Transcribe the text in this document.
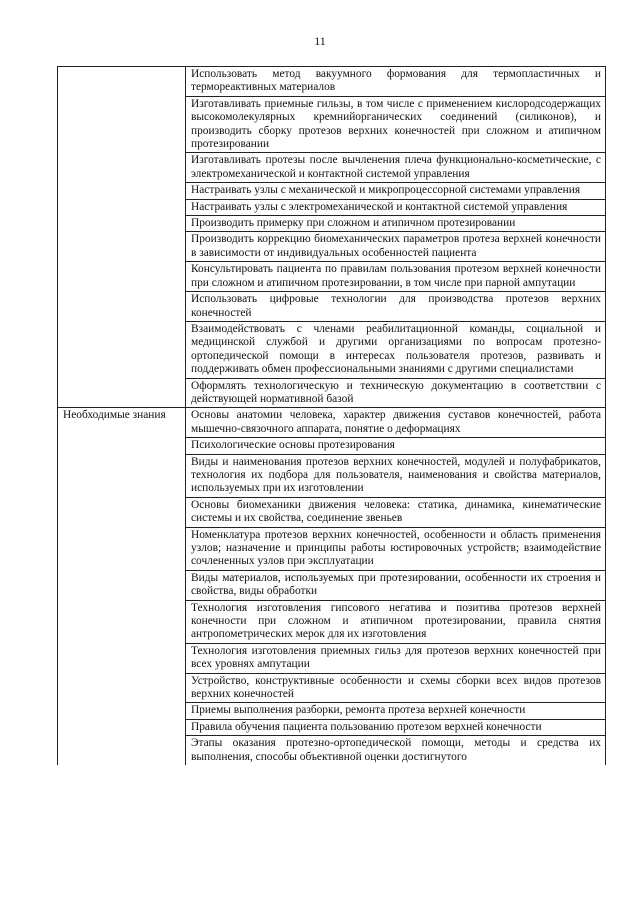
11
	Использовать метод вакуумного формования для термопластичных и термореактивных материалов
	Изготавливать приемные гильзы, в том числе с применением кислородсодержащих высокомолекулярных кремнийорганических соединений (силиконов), и производить сборку протезов верхних конечностей при сложном и атипичном протезировании
	Изготавливать протезы после вычленения плеча функционально-косметические, с электромеханической и контактной системой управления
	Настраивать узлы с механической и микропроцессорной системами управления
	Настраивать узлы с электромеханической и контактной системой управления
	Производить примерку при сложном и атипичном протезировании
	Производить коррекцию биомеханических параметров протеза верхней конечности в зависимости от индивидуальных особенностей пациента
	Консультировать пациента по правилам пользования протезом верхней конечности при сложном и атипичном протезировании, в том числе при парной ампутации
	Использовать цифровые технологии для производства протезов верхних конечностей
	Взаимодействовать с членами реабилитационной команды, социальной и медицинской службой и другими организациями по вопросам протезно-ортопедической помощи в интересах пользователя протезов, развивать и поддерживать обмен профессиональными знаниями с другими специалистами
	Оформлять технологическую и техническую документацию в соответствии с действующей нормативной базой
Необходимые знания	Основы анатомии человека, характер движения суставов конечностей, работа мышечно-связочного аппарата, понятие о деформациях
	Психологические основы протезирования
	Виды и наименования протезов верхних конечностей, модулей и полуфабрикатов, технология их подбора для пользователя, наименования и свойства материалов, используемых при их изготовлении
	Основы биомеханики движения человека: статика, динамика, кинематические системы и их свойства, соединение звеньев
	Номенклатура протезов верхних конечностей, особенности и область применения узлов; назначение и принципы работы юстировочных устройств; взаимодействие сочлененных узлов при эксплуатации
	Виды материалов, используемых при протезировании, особенности их строения и свойства, виды обработки
	Технология изготовления гипсового негатива и позитива протезов верхней конечности при сложном и атипичном протезировании, правила снятия антропометрических мерок для их изготовления
	Технология изготовления приемных гильз для протезов верхних конечностей при всех уровнях ампутации
	Устройство, конструктивные особенности и схемы сборки всех видов протезов верхних конечностей
	Приемы выполнения разборки, ремонта протеза верхней конечности
	Правила обучения пациента пользованию протезом верхней конечности
	Этапы оказания протезно-ортопедической помощи, методы и средства их выполнения, способы объективной оценки достигнутого
